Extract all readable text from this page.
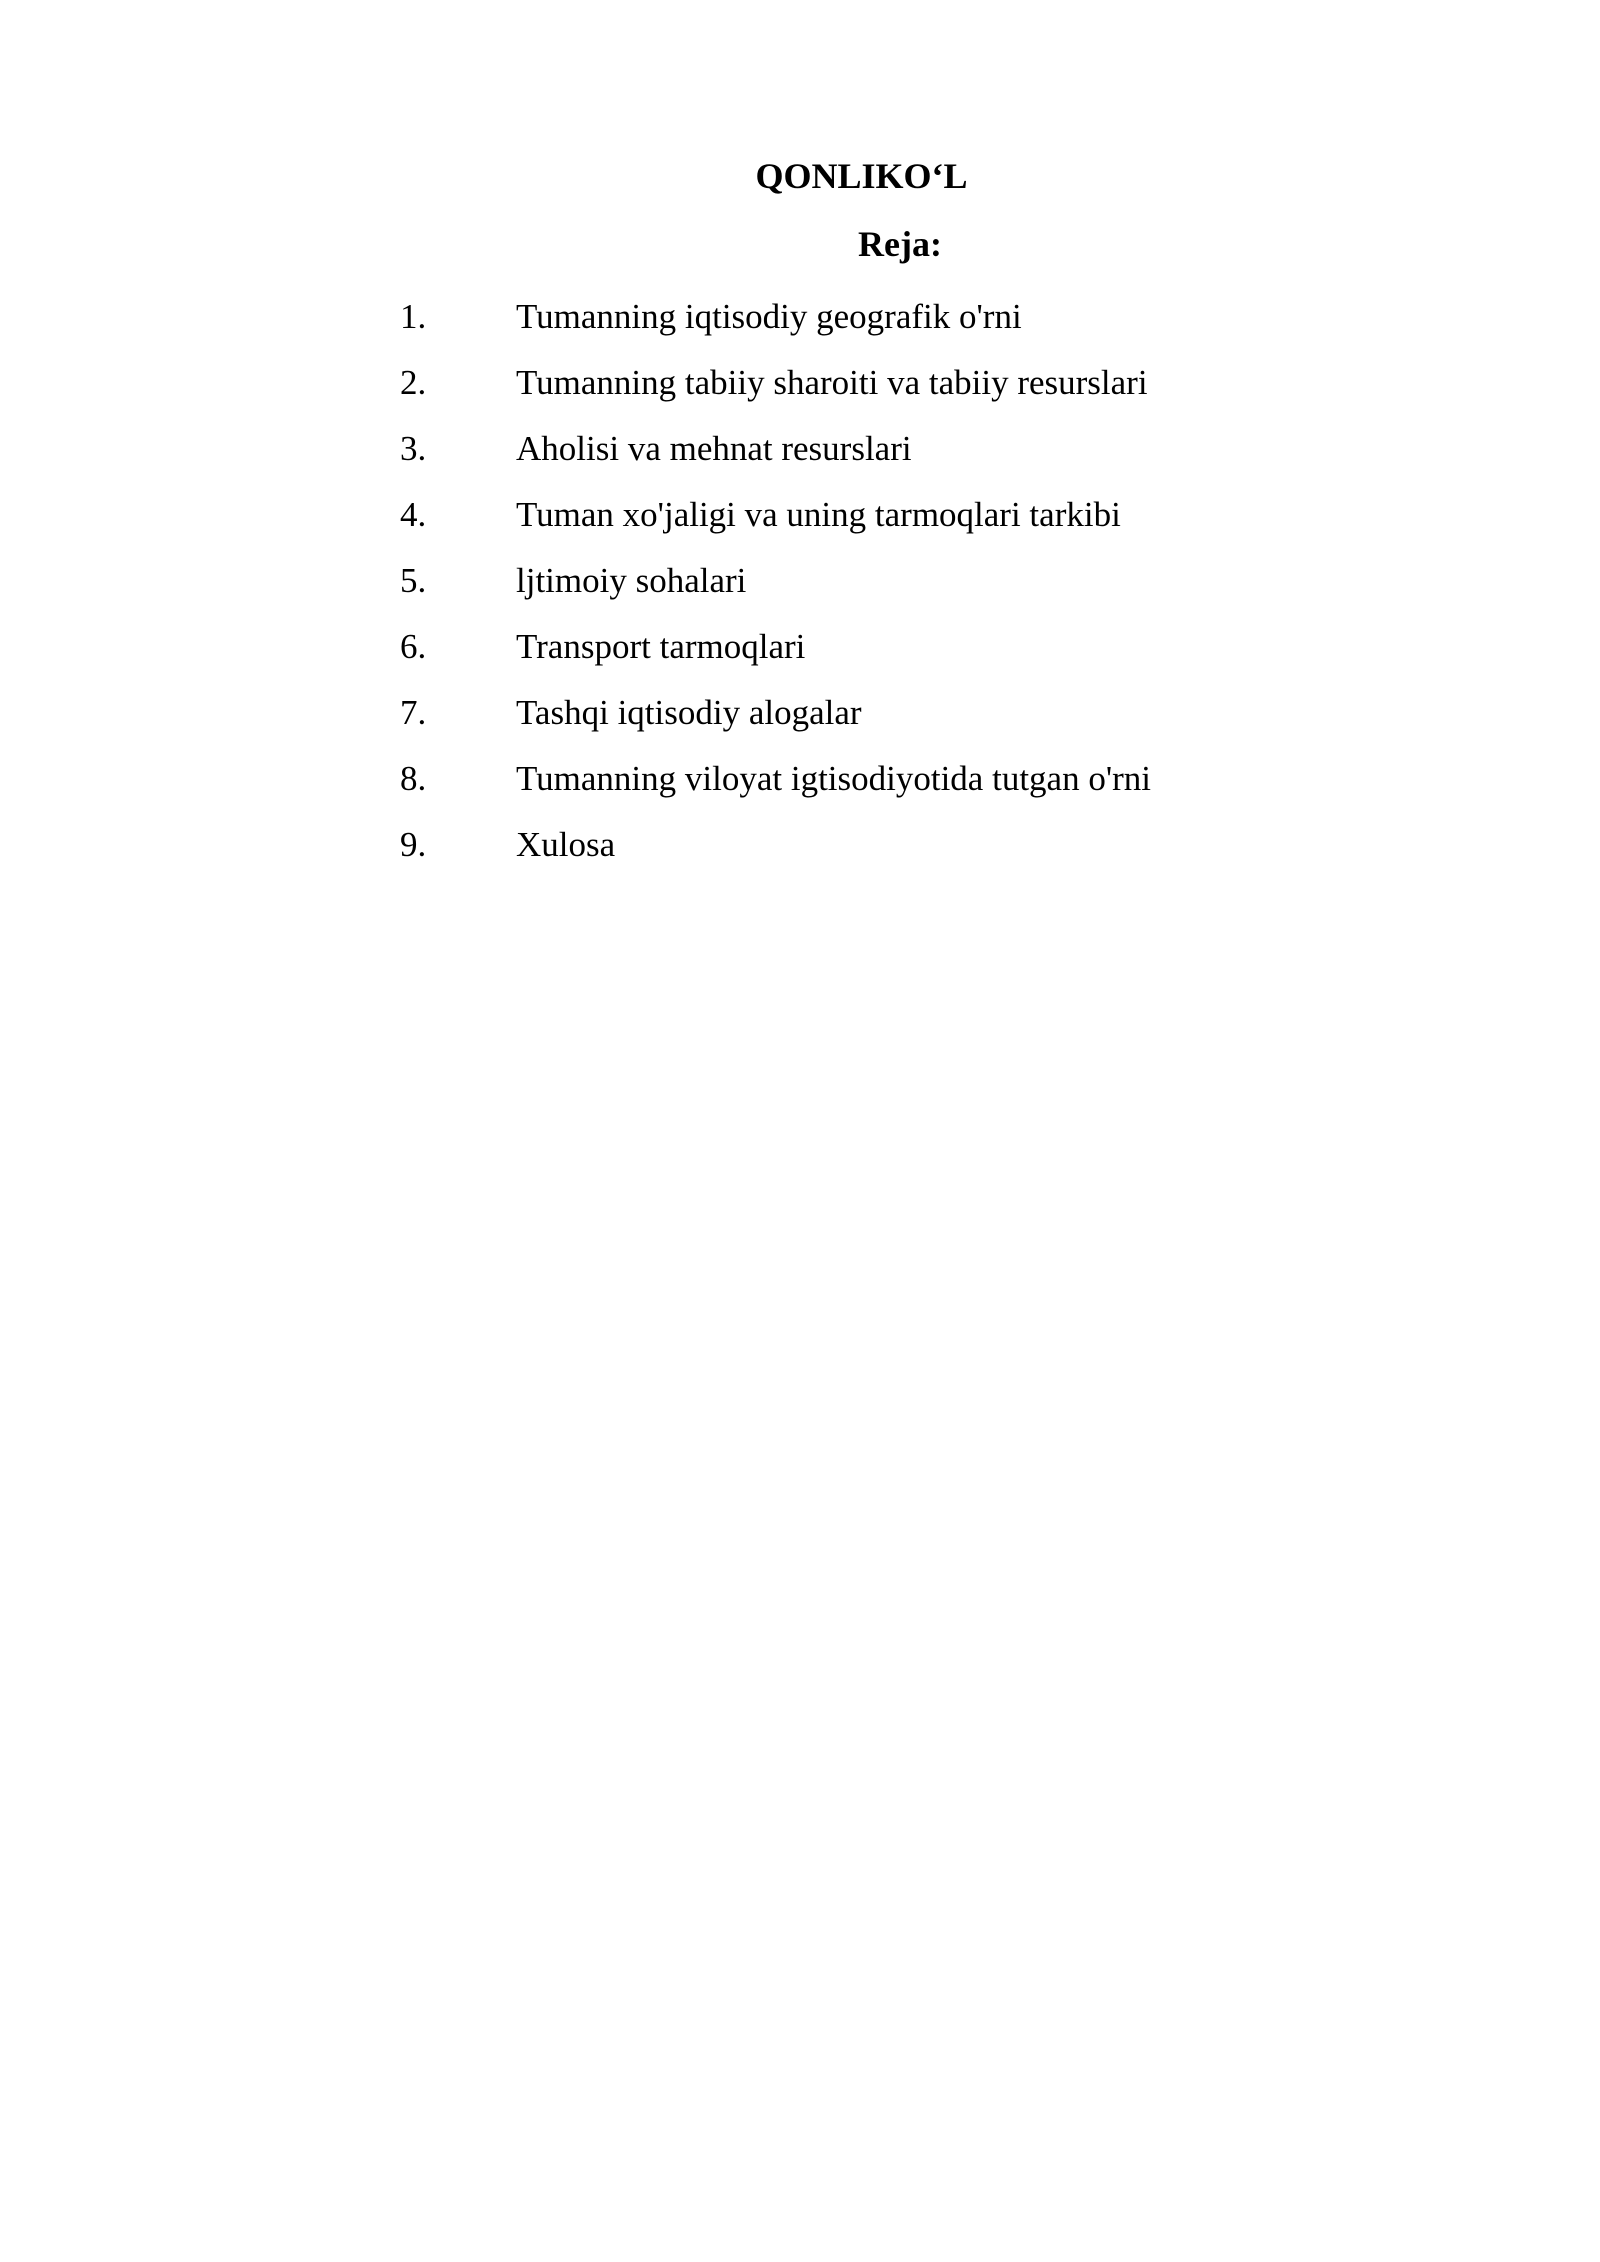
QONLIKO‘L
Reja:
1.	Tumanning iqtisodiy geografik o'rni
2.	Tumanning tabiiy sharoiti va tabiiy resurslari
3.	Aholisi va mehnat resurslari
4.	Tuman xo'jaligi va uning tarmoqlari tarkibi
5.	ljtimoiy sohalari
6.	Transport tarmoqlari
7.	Tashqi iqtisodiy alogalar
8.	Tumanning viloyat igtisodiyotida tutgan o'rni
9.	Xulosa
